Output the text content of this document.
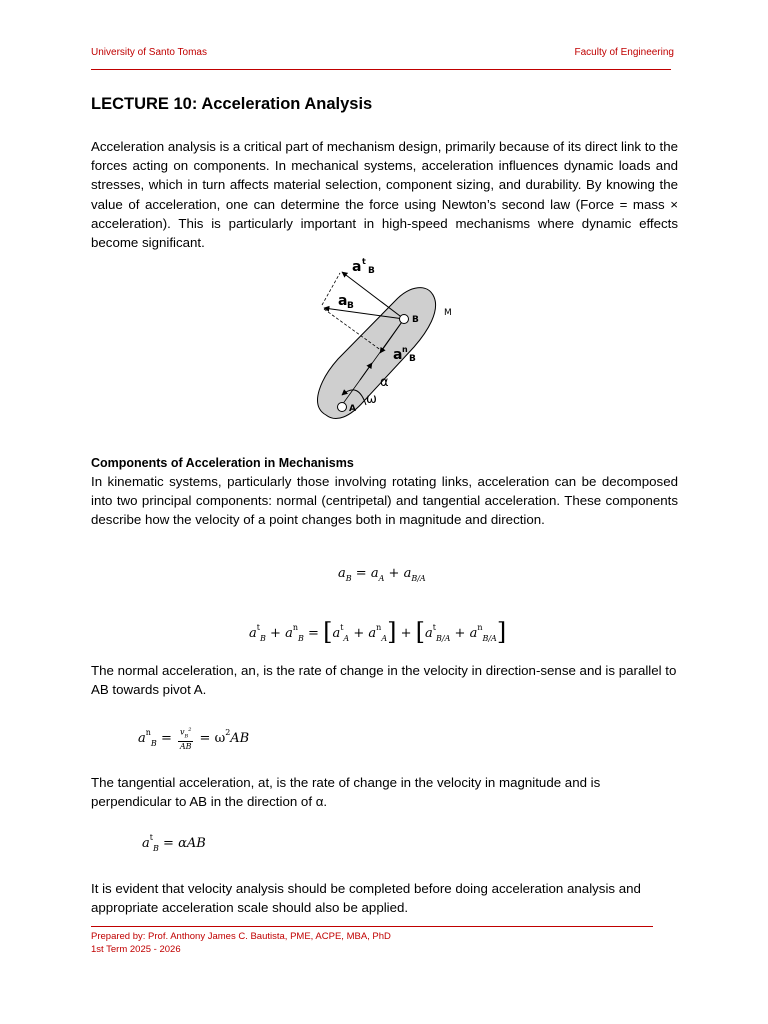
University of Santo Tomas	Faculty of Engineering
LECTURE 10: Acceleration Analysis
Acceleration analysis is a critical part of mechanism design, primarily because of its direct link to the forces acting on components. In mechanical systems, acceleration influences dynamic loads and stresses, which in turn affects material selection, component sizing, and durability. By knowing the value of acceleration, one can determine the force using Newton’s second law (Force = mass × acceleration). This is particularly important in high-speed mechanisms where dynamic effects become significant.
a t
B
a B
B
M
a n
B
α
ω
A
Components of Acceleration in Mechanisms
In kinematic systems, particularly those involving rotating links, acceleration can be decomposed into two principal components: normal (centripetal) and tangential acceleration. These components describe how the velocity of a point changes both in magnitude and direction.
$a_B = a_A + a_{B/A}$
$a^t_B + a^n_B = [a^t_A + a^n_A] + [a^t_{B/A} + a^n_{B/A}]$
The normal acceleration, an, is the rate of change in the velocity in direction-sense and is parallel to AB towards pivot A.
$a^n_B = \frac{v_B^2}{AB} = \omega^2AB$
The tangential acceleration, at, is the rate of change in the velocity in magnitude and is perpendicular to AB in the direction of α.
$a^t_B = \alpha AB$
It is evident that velocity analysis should be completed before doing acceleration analysis and appropriate acceleration scale should also be applied.
Prepared by: Prof. Anthony James C. Bautista, PME, ACPE, MBA, PhD
1st Term 2025 - 2026
